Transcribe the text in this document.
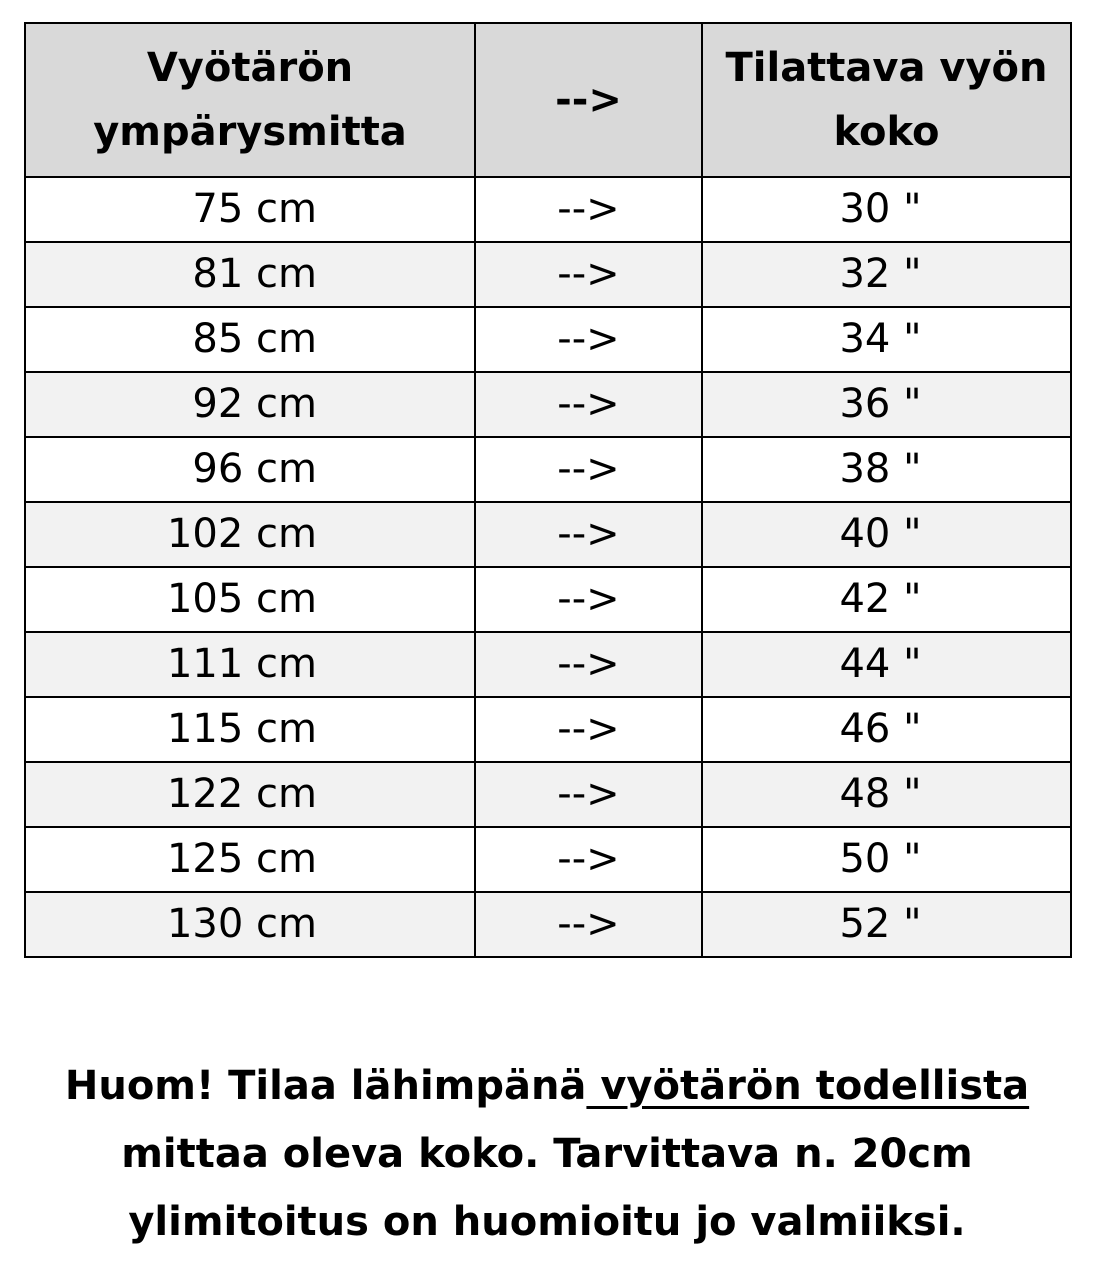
Vyötärön
ympärysmitta	-->	Tilattava vyön
koko
75 cm	-->	30 "
81 cm	-->	32 "
85 cm	-->	34 "
92 cm	-->	36 "
96 cm	-->	38 "
102 cm	-->	40 "
105 cm	-->	42 "
111 cm	-->	44 "
115 cm	-->	46 "
122 cm	-->	48 "
125 cm	-->	50 "
130 cm	-->	52 "
Huom! Tilaa lähimpänä vyötärön todellista
mittaa oleva koko. Tarvittava n. 20cm
ylimitoitus on huomioitu jo valmiiksi.
